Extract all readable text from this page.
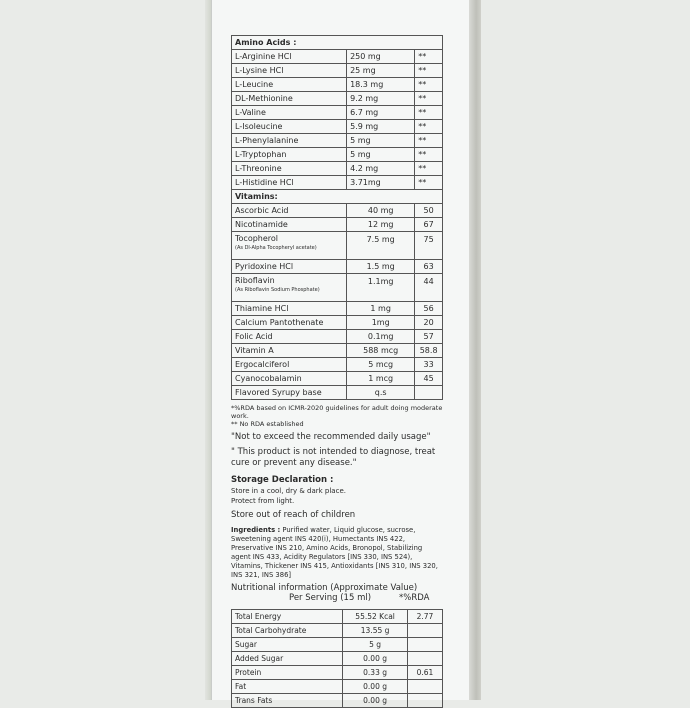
Amino Acids :		
L-Arginine HCl	250 mg	**
L-Lysine HCl	25 mg	**
L-Leucine	18.3 mg	**
DL-Methionine	9.2 mg	**
L-Valine	6.7 mg	**
L-Isoleucine	5.9 mg	**
L-Phenylalanine	5 mg	**
L-Tryptophan	5 mg	**
L-Threonine	4.2 mg	**
L-Histidine HCl	3.71mg	**
Vitamins:		
Ascorbic Acid	40 mg	50
Nicotinamide	12 mg	67
Tocopherol
(As Dl-Alpha Tocopheryl acetate)	7.5 mg	75
Pyridoxine HCl	1.5 mg	63
Riboflavin
(As Riboflavin Sodium Phosphate)	1.1mg	44
Thiamine HCl	1 mg	56
Calcium Pantothenate	1mg	20
Folic Acid	0.1mg	57
Vitamin A	588 mcg	58.8
Ergocalciferol	5 mcg	33
Cyanocobalamin	1 mcg	45
Flavored Syrupy base	q.s	
*%RDA based on ICMR-2020 guidelines for adult doing moderate work.
** No RDA established
"Not to exceed the recommended daily usage"
" This product is not intended to diagnose, treat cure or prevent any disease."
Storage Declaration :
Store in a cool, dry & dark place.
Protect from light.
Store out of reach of children
Ingredients : Purified water, Liquid glucose, sucrose, Sweetening agent INS 420(i), Humectants INS 422, Preservative INS 210, Amino Acids, Bronopol, Stabilizing agent INS 433, Acidity Regulators [INS 330, INS 524), Vitamins, Thickener INS 415, Antioxidants [INS 310, INS 320, INS 321, INS 386]
Nutritional information (Approximate Value)
Per Serving (15 ml)	*%RDA
Total Energy	55.52 Kcal	2.77
Total Carbohydrate	13.55 g	
Sugar	5 g	
Added Sugar	0.00 g	
Protein	0.33 g	0.61
Fat	0.00 g	
Trans Fats	0.00 g	
